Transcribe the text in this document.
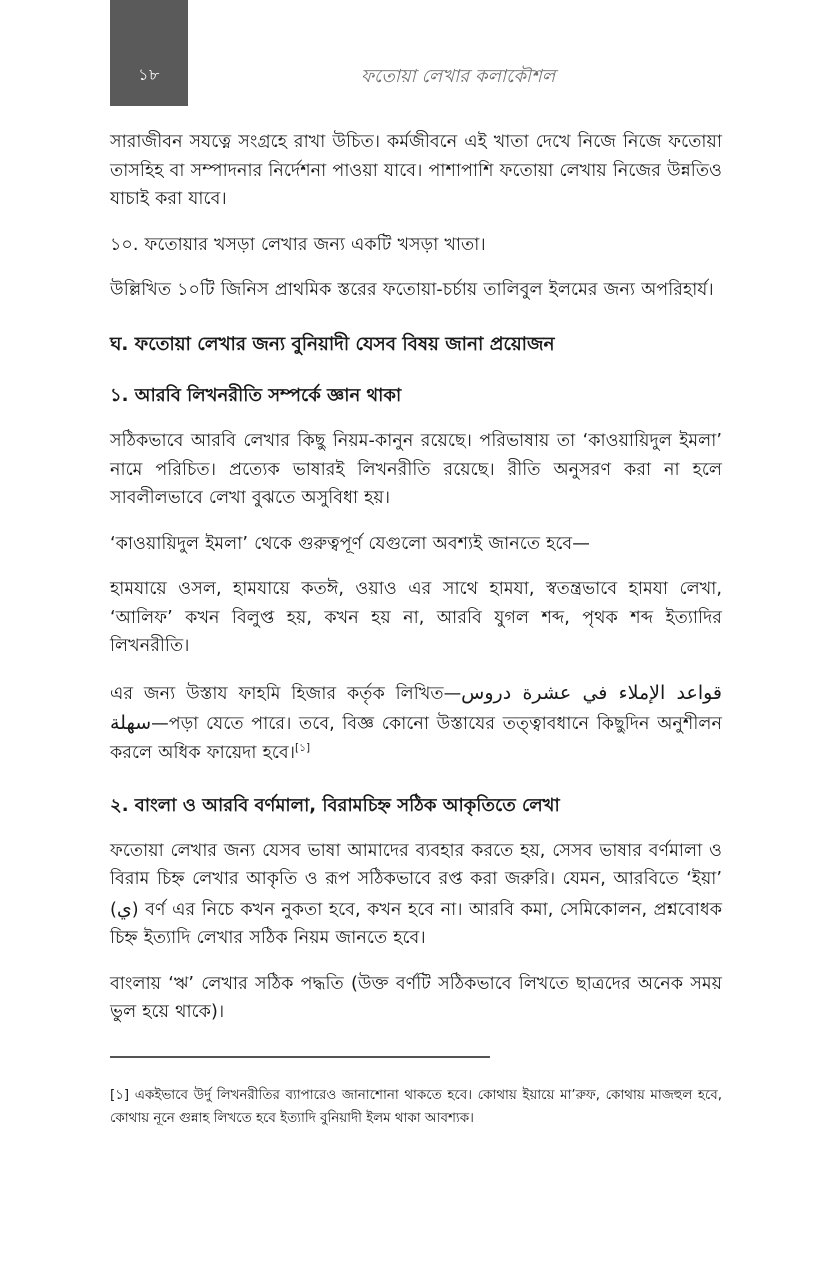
১৮	ফতোয়া লেখার কলাকৌশল

সারাজীবন সযত্নে সংগ্রহে রাখা উচিত। কর্মজীবনে এই খাতা দেখে নিজে নিজে ফতোয়া তাসহিহ বা সম্পাদনার নির্দেশনা পাওয়া যাবে। পাশাপাশি ফতোয়া লেখায় নিজের উন্নতিও যাচাই করা যাবে।

১০. ফতোয়ার খসড়া লেখার জন্য একটি খসড়া খাতা।

উল্লিখিত ১০টি জিনিস প্রাথমিক স্তরের ফতোয়া-চর্চায় তালিবুল ইলমের জন্য অপরিহার্য।

ঘ. ফতোয়া লেখার জন্য বুনিয়াদী যেসব বিষয় জানা প্রয়োজন
১. আরবি লিখনরীতি সম্পর্কে জ্ঞান থাকা

সঠিকভাবে আরবি লেখার কিছু নিয়ম-কানুন রয়েছে। পরিভাষায় তা ‘কাওয়ায়িদুল ইমলা’ নামে পরিচিত। প্রত্যেক ভাষারই লিখনরীতি রয়েছে। রীতি অনুসরণ করা না হলে সাবলীলভাবে লেখা বুঝতে অসুবিধা হয়।

‘কাওয়ায়িদুল ইমলা’ থেকে গুরুত্বপূর্ণ যেগুলো অবশ্যই জানতে হবে—

হামযায়ে ওসল, হামযায়ে কতঈ, ওয়াও এর সাথে হামযা, স্বতন্ত্রভাবে হামযা লেখা, ‘আলিফ’ কখন বিলুপ্ত হয়, কখন হয় না, আরবি যুগল শব্দ, পৃথক শব্দ ইত্যাদির লিখনরীতি।

এর জন্য উস্তায ফাহমি হিজার কর্তৃক লিখিত—قواعد الإملاء في عشرة دروس سهلة—পড়া যেতে পারে। তবে, বিজ্ঞ কোনো উস্তাযের তত্ত্বাবধানে কিছুদিন অনুশীলন করলে অধিক ফায়েদা হবে।[১]

২. বাংলা ও আরবি বর্ণমালা, বিরামচিহ্ন সঠিক আকৃতিতে লেখা

ফতোয়া লেখার জন্য যেসব ভাষা আমাদের ব্যবহার করতে হয়, সেসব ভাষার বর্ণমালা ও বিরাম চিহ্ন লেখার আকৃতি ও রূপ সঠিকভাবে রপ্ত করা জরুরি। যেমন, আরবিতে ‘ইয়া’ (ي) বর্ণ এর নিচে কখন নুকতা হবে, কখন হবে না। আরবি কমা, সেমিকোলন, প্রশ্নবোধক চিহ্ন ইত্যাদি লেখার সঠিক নিয়ম জানতে হবে।

বাংলায় ‘ঋ’ লেখার সঠিক পদ্ধতি (উক্ত বর্ণটি সঠিকভাবে লিখতে ছাত্রদের অনেক সময় ভুল হয়ে থাকে)।

[১] একইভাবে উর্দু লিখনরীতির ব্যাপারেও জানাশোনা থাকতে হবে। কোথায় ইয়ায়ে মা’রুফ, কোথায় মাজহুল হবে, কোথায় নূনে গুন্নাহ লিখতে হবে ইত্যাদি বুনিয়াদী ইলম থাকা আবশ্যক।
